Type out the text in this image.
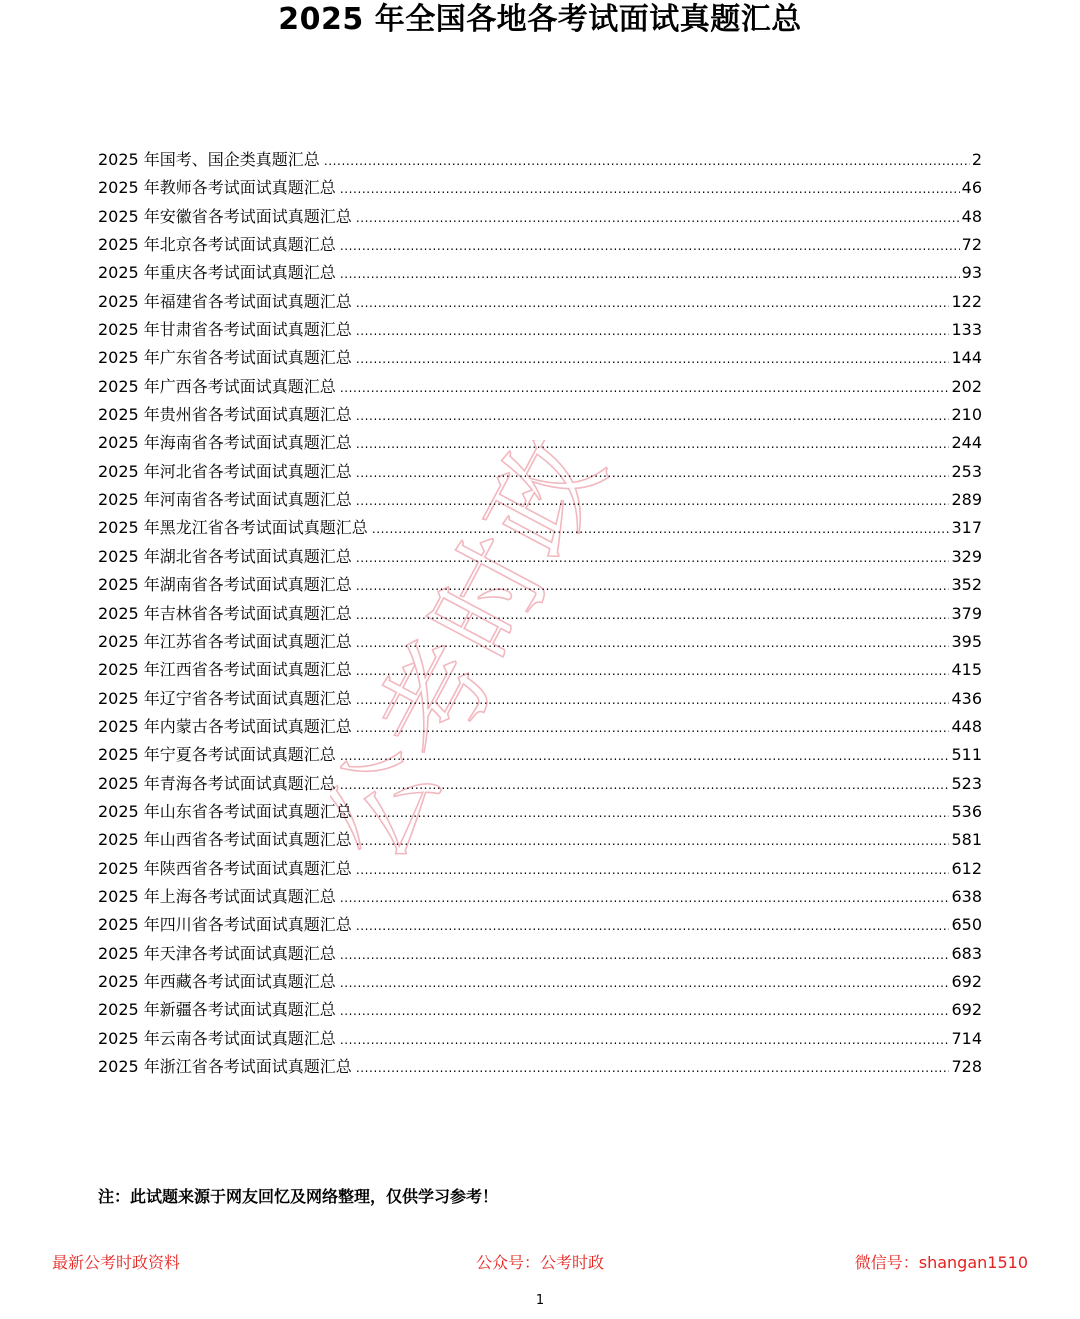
2025 年全国各地各考试面试真题汇总
公考时政
2025 年国考、国企类真题汇总 .....	2
2025 年教师各考试面试真题汇总 .....	46
2025 年安徽省各考试面试真题汇总 .....	48
2025 年北京各考试面试真题汇总 .....	72
2025 年重庆各考试面试真题汇总 .....	93
2025 年福建省各考试面试真题汇总 .....	122
2025 年甘肃省各考试面试真题汇总 .....	133
2025 年广东省各考试面试真题汇总 .....	144
2025 年广西各考试面试真题汇总 .....	202
2025 年贵州省各考试面试真题汇总 .....	210
2025 年海南省各考试面试真题汇总 .....	244
2025 年河北省各考试面试真题汇总 .....	253
2025 年河南省各考试面试真题汇总 .....	289
2025 年黑龙江省各考试面试真题汇总 .....	317
2025 年湖北省各考试面试真题汇总 .....	329
2025 年湖南省各考试面试真题汇总 .....	352
2025 年吉林省各考试面试真题汇总 .....	379
2025 年江苏省各考试面试真题汇总 .....	395
2025 年江西省各考试面试真题汇总 .....	415
2025 年辽宁省各考试面试真题汇总 .....	436
2025 年内蒙古各考试面试真题汇总 .....	448
2025 年宁夏各考试面试真题汇总 .....	511
2025 年青海各考试面试真题汇总 .....	523
2025 年山东省各考试面试真题汇总 .....	536
2025 年山西省各考试面试真题汇总 .....	581
2025 年陕西省各考试面试真题汇总 .....	612
2025 年上海各考试面试真题汇总 .....	638
2025 年四川省各考试面试真题汇总 .....	650
2025 年天津各考试面试真题汇总 .....	683
2025 年西藏各考试面试真题汇总 .....	692
2025 年新疆各考试面试真题汇总 .....	692
2025 年云南各考试面试真题汇总 .....	714
2025 年浙江省各考试面试真题汇总 .....	728
注：此试题来源于网友回忆及网络整理，仅供学习参考！
最新公考时政资料	公众号：公考时政	微信号：shangan1510
1
